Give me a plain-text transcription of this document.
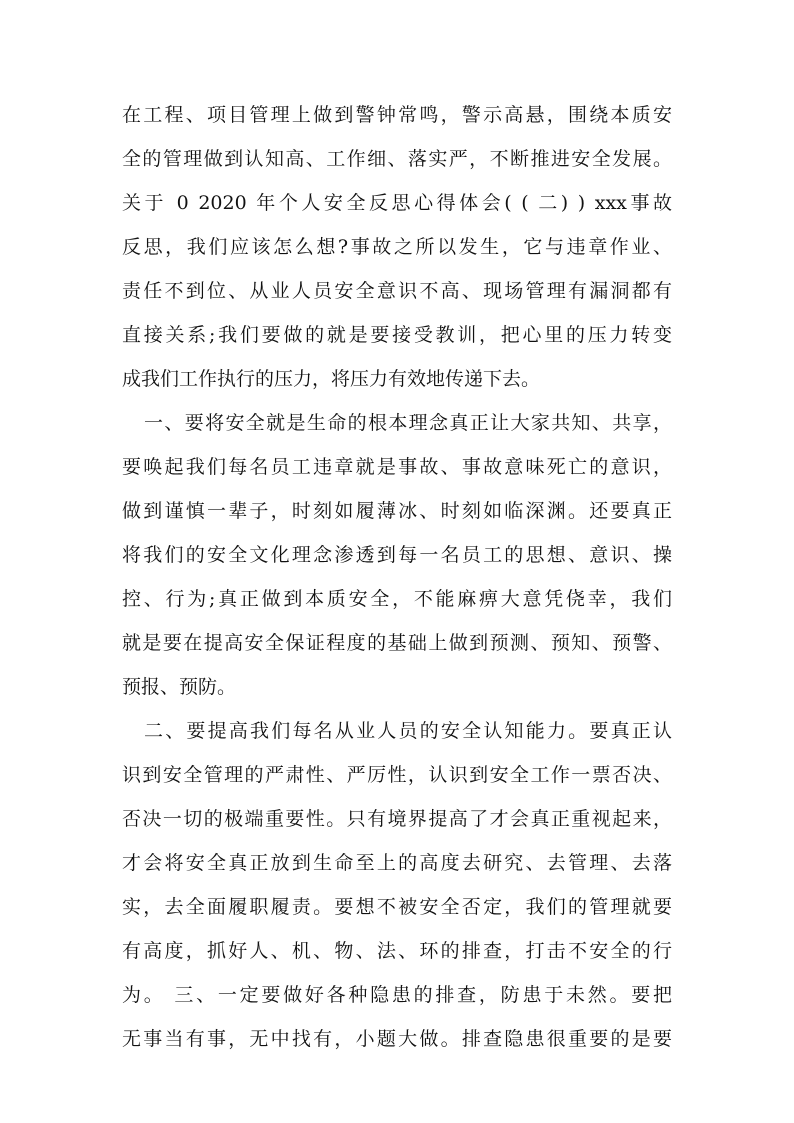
在工程、项目管理上做到警钟常鸣，警示高悬，围绕本质安
全的管理做到认知高、工作细、落实严，不断推进安全发展。
关于 0 2020 年个人安全反思心得体会( ( 二) ) xxx事故
反思，我们应该怎么想?事故之所以发生，它与违章作业、
责任不到位、从业人员安全意识不高、现场管理有漏洞都有
直接关系;我们要做的就是要接受教训，把心里的压力转变
成我们工作执行的压力，将压力有效地传递下去。
一、要将安全就是生命的根本理念真正让大家共知、共享，
要唤起我们每名员工违章就是事故、事故意味死亡的意识，
做到谨慎一辈子，时刻如履薄冰、时刻如临深渊。还要真正
将我们的安全文化理念渗透到每一名员工的思想、意识、操
控、行为;真正做到本质安全，不能麻痹大意凭侥幸，我们
就是要在提高安全保证程度的基础上做到预测、预知、预警、
预报、预防。
二、要提高我们每名从业人员的安全认知能力。要真正认
识到安全管理的严肃性、严厉性，认识到安全工作一票否决、
否决一切的极端重要性。只有境界提高了才会真正重视起来，
才会将安全真正放到生命至上的高度去研究、去管理、去落
实，去全面履职履责。要想不被安全否定，我们的管理就要
有高度，抓好人、机、物、法、环的排查，打击不安全的行
为。 三、一定要做好各种隐患的排查，防患于未然。要把
无事当有事，无中找有，小题大做。排查隐患很重要的是要
